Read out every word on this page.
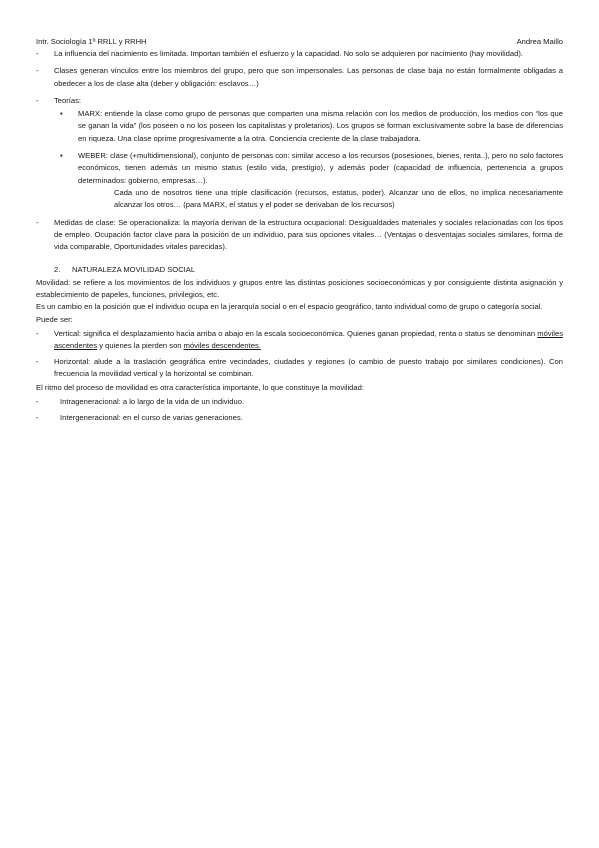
Intr. Sociología 1º RRLL y RRHH	Andrea Maillo
-	La influencia del nacimiento es limitada. Importan también el esfuerzo y la capacidad. No solo se adquieren por nacimiento (hay movilidad).
-	Clases generan vínculos entre los miembros del grupo, pero que son impersonales. Las personas de clase baja no están formalmente obligadas a obedecer a los de clase alta (deber y obligación: esclavos…)
-	Teorías:
▪	MARX: entiende la clase como grupo de personas que comparten una misma relación con los medios de producción, los medios con “los que se ganan la vida” (los poseen o no los poseen los capitalistas y proletarios). Los grupos se forman exclusivamente sobre la base de diferencias en riqueza. Una clase oprime progresivamente a la otra. Conciencia creciente de la clase trabajadora.
▪	WEBER: clase (+multidimensional), conjunto de personas con: similar acceso a los recursos (posesiones, bienes, renta..), pero no solo factores económicos, tienen además un mismo status (estilo vida, prestigio), y además poder (capacidad de influencia, pertenencia a grupos determinados: gobierno, empresas…).
Cada uno de nosotros tiene una triple clasificación (recursos, estatus, poder). Alcanzar uno de ellos, no implica necesariamente alcanzar los otros… (para MARX, el status y el poder se derivaban de los recursos)
-	Medidas de clase: Se operacionaliza: la mayoría derivan de la estructura ocupacional: Desigualdades materiales y sociales relacionadas con los tipos de empleo. Ocupación factor clave para la posición de un individuo, para sus opciones vitales… (Ventajas o desventajas sociales similares, forma de vida comparable, Oportunidades vitales parecidas).
2.	NATURALEZA MOVILIDAD SOCIAL
Movilidad: se refiere a los movimientos de los individuos y grupos entre las distintas posiciones socioeconómicas y por consiguiente distinta asignación y establecimiento de papeles, funciones, privilegios, etc.
Es un cambio en la posición que el individuo ocupa en la jerarquía social o en el espacio geográfico, tanto individual como de grupo o categoría social.
Puede ser:
-	Vertical: significa el desplazamiento hacia arriba o abajo en la escala socioeconómica. Quienes ganan propiedad, renta o status se denominan móviles ascendentes y quienes la pierden son móviles descendentes.
-	Horizontal: alude a la traslación geográfica entre vecindades, ciudades y regiones (o cambio de puesto trabajo por similares condiciones). Con frecuencia la movilidad vertical y la horizontal se combinan.
El ritmo del proceso de movilidad es otra característica importante, lo que constituye la movilidad:
-	Intrageneracional: a lo largo de la vida de un individuo.
-	Intergeneracional: en el curso de varias generaciones.
